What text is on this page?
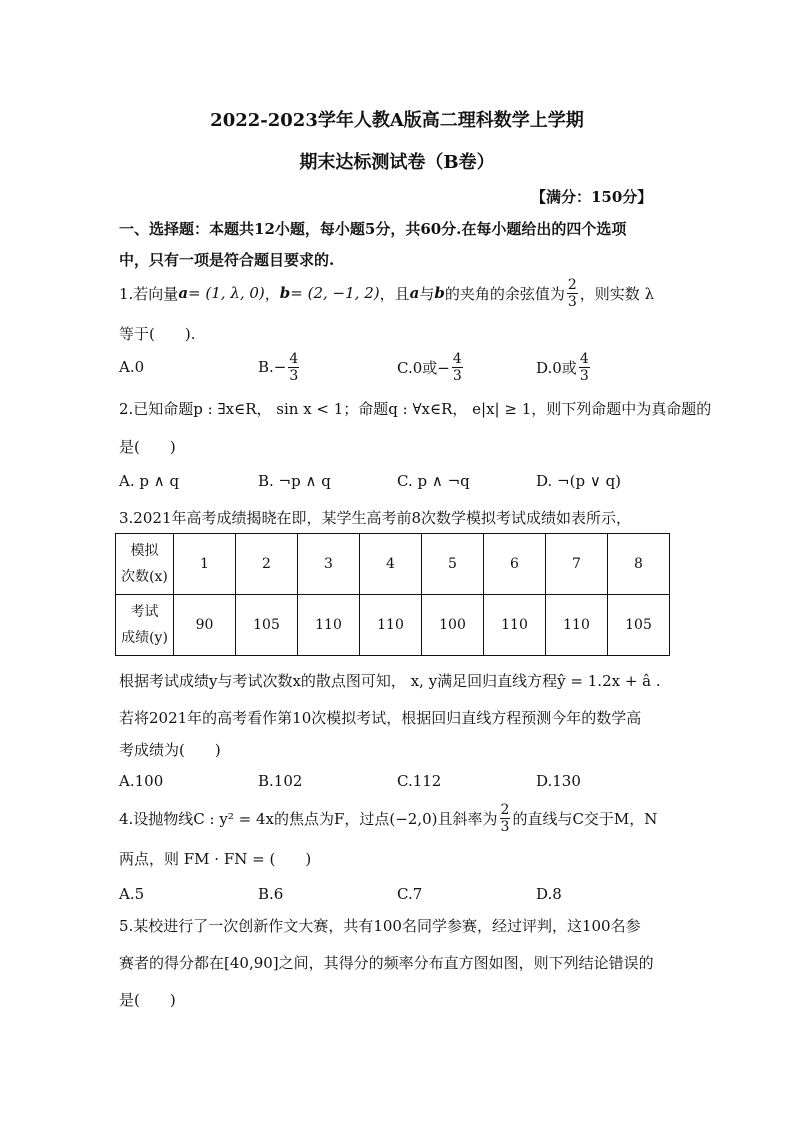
2022-2023学年人教A版高二理科数学上学期
期末达标测试卷（B卷）
【满分：150分】
一、选择题：本题共12小题，每小题5分，共60分.在每小题给出的四个选项
中，只有一项是符合题目要求的.
1.若向量 a = (1, λ, 0) ， b = (2, −1, 2) ，且 a 与 b 的夹角的余弦值为 $\frac{2}{3}$ ，则实数 λ
等于(　　).
A.0	$B.- \frac{4}{3}$	C.0或− $\frac{4}{3}$	D.0或 $\frac{4}{3}$
2.已知命题p : ∃x∈R， sin x < 1；命题q : ∀x∈R， e|x| ≥ 1，则下列命题中为真命题的
是(　　)
A. p ∧ q	B. ¬p ∧ q	C. p ∧ ¬q	D. ¬(p ∨ q)
3.2021年高考成绩揭晓在即，某学生高考前8次数学模拟考试成绩如表所示，
模拟
次数(x)	1	2	3	4	5	6	7	8

考试
成绩(y)	90	105	110	110	100	110	110	105
根据考试成绩y与考试次数x的散点图可知， x, y满足回归直线方程ŷ = 1.2x + â .
若将2021年的高考看作第10次模拟考试，根据回归直线方程预测今年的数学高
考成绩为(　　)
A.100	B.102	C.112	D.130
4.设抛物线C : y² = 4x的焦点为F，过点(−2,0)且斜率为 $\frac{2}{3}$ 的直线与C交于M，N
两点，则 FM · FN = (　　)
A.5	B.6	C.7	D.8
5.某校进行了一次创新作文大赛，共有100名同学参赛，经过评判，这100名参
赛者的得分都在[40,90]之间，其得分的频率分布直方图如图，则下列结论错误的
是(　　)
